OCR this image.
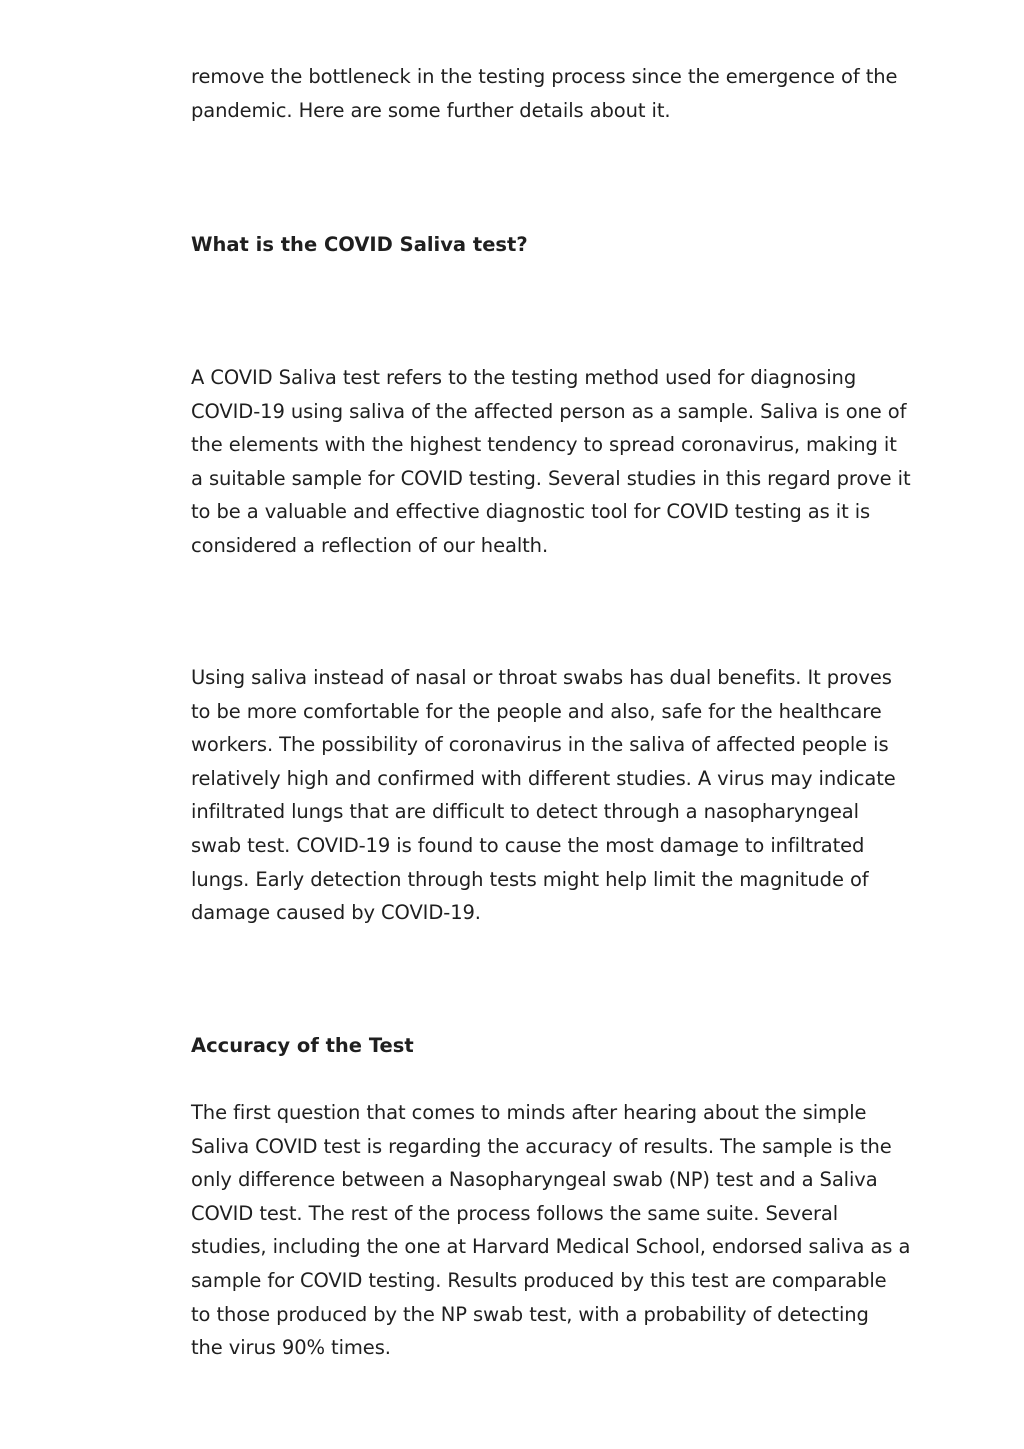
remove the bottleneck in the testing process since the emergence of the
pandemic. Here are some further details about it.

What is the COVID Saliva test?

A COVID Saliva test refers to the testing method used for diagnosing
COVID-19 using saliva of the affected person as a sample. Saliva is one of
the elements with the highest tendency to spread coronavirus, making it
a suitable sample for COVID testing. Several studies in this regard prove it
to be a valuable and effective diagnostic tool for COVID testing as it is
considered a reflection of our health.

Using saliva instead of nasal or throat swabs has dual benefits. It proves
to be more comfortable for the people and also, safe for the healthcare
workers. The possibility of coronavirus in the saliva of affected people is
relatively high and confirmed with different studies. A virus may indicate
infiltrated lungs that are difficult to detect through a nasopharyngeal
swab test. COVID-19 is found to cause the most damage to infiltrated
lungs. Early detection through tests might help limit the magnitude of
damage caused by COVID-19.

Accuracy of the Test

The first question that comes to minds after hearing about the simple
Saliva COVID test is regarding the accuracy of results. The sample is the
only difference between a Nasopharyngeal swab (NP) test and a Saliva
COVID test. The rest of the process follows the same suite. Several
studies, including the one at Harvard Medical School, endorsed saliva as a
sample for COVID testing. Results produced by this test are comparable
to those produced by the NP swab test, with a probability of detecting
the virus 90% times.
